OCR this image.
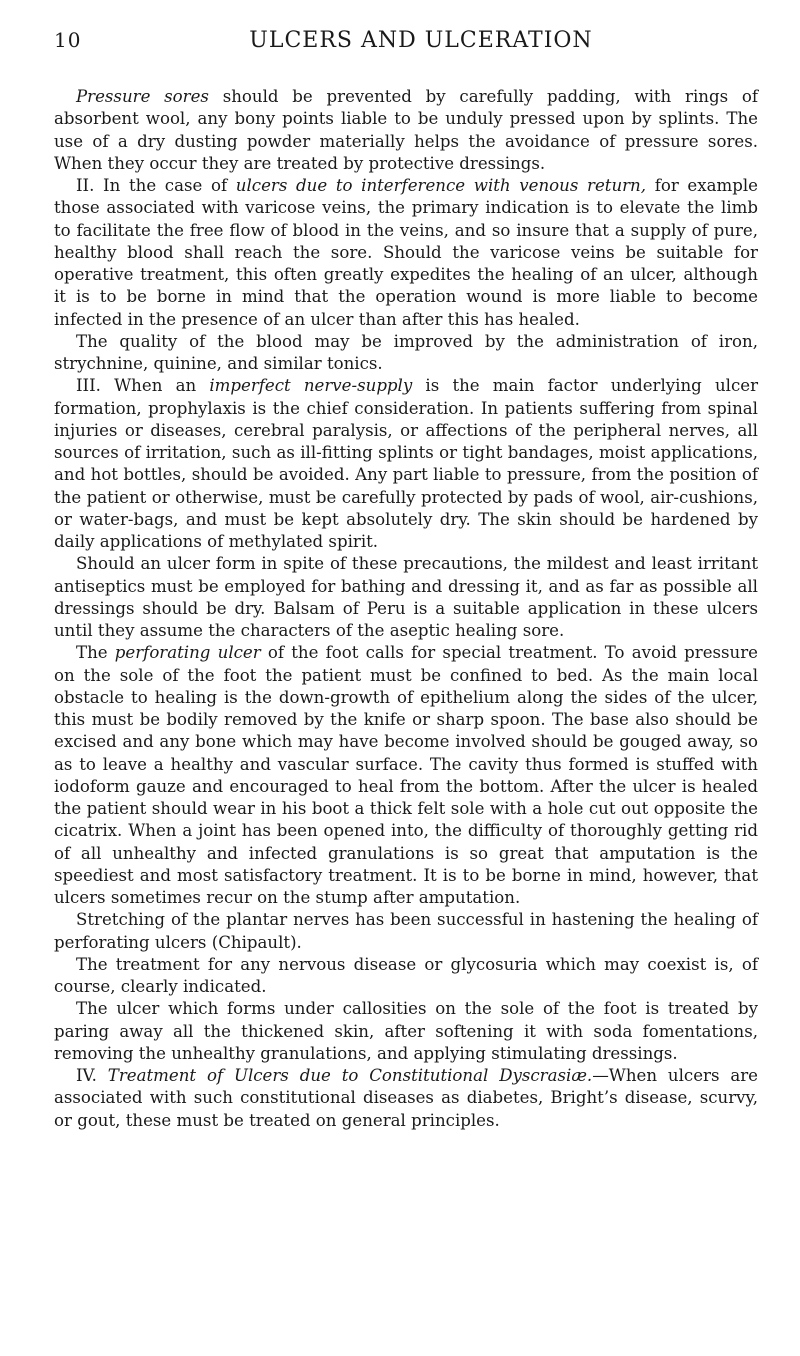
10	ULCERS AND ULCERATION

Pressure sores should be prevented by carefully padding, with rings of absorbent wool, any bony points liable to be unduly pressed upon by splints. The use of a dry dusting powder materially helps the avoidance of pressure sores. When they occur they are treated by protective dressings.

II. In the case of ulcers due to interference with venous return, for example those associated with varicose veins, the primary indication is to elevate the limb to facilitate the free flow of blood in the veins, and so insure that a supply of pure, healthy blood shall reach the sore. Should the varicose veins be suitable for operative treatment, this often greatly expedites the healing of an ulcer, although it is to be borne in mind that the operation wound is more liable to become infected in the presence of an ulcer than after this has healed.

The quality of the blood may be improved by the administration of iron, strychnine, quinine, and similar tonics.

III. When an imperfect nerve-supply is the main factor underlying ulcer formation, prophylaxis is the chief consideration. In patients suffering from spinal injuries or diseases, cerebral paralysis, or affections of the peripheral nerves, all sources of irritation, such as ill-fitting splints or tight bandages, moist applications, and hot bottles, should be avoided. Any part liable to pressure, from the position of the patient or otherwise, must be carefully protected by pads of wool, air-cushions, or water-bags, and must be kept absolutely dry. The skin should be hardened by daily applications of methylated spirit.

Should an ulcer form in spite of these precautions, the mildest and least irritant antiseptics must be employed for bathing and dressing it, and as far as possible all dressings should be dry. Balsam of Peru is a suitable application in these ulcers until they assume the characters of the aseptic healing sore.

The perforating ulcer of the foot calls for special treatment. To avoid pressure on the sole of the foot the patient must be confined to bed. As the main local obstacle to healing is the down-growth of epithelium along the sides of the ulcer, this must be bodily removed by the knife or sharp spoon. The base also should be excised and any bone which may have become involved should be gouged away, so as to leave a healthy and vascular surface. The cavity thus formed is stuffed with iodoform gauze and encouraged to heal from the bottom. After the ulcer is healed the patient should wear in his boot a thick felt sole with a hole cut out opposite the cicatrix. When a joint has been opened into, the difficulty of thoroughly getting rid of all unhealthy and infected granulations is so great that amputation is the speediest and most satisfactory treatment. It is to be borne in mind, however, that ulcers sometimes recur on the stump after amputation.

Stretching of the plantar nerves has been successful in hastening the healing of perforating ulcers (Chipault).

The treatment for any nervous disease or glycosuria which may coexist is, of course, clearly indicated.

The ulcer which forms under callosities on the sole of the foot is treated by paring away all the thickened skin, after softening it with soda fomentations, removing the unhealthy granulations, and applying stimulating dressings.

IV. Treatment of Ulcers due to Constitutional Dyscrasiæ.—When ulcers are associated with such constitutional diseases as diabetes, Bright’s disease, scurvy, or gout, these must be treated on general principles.
